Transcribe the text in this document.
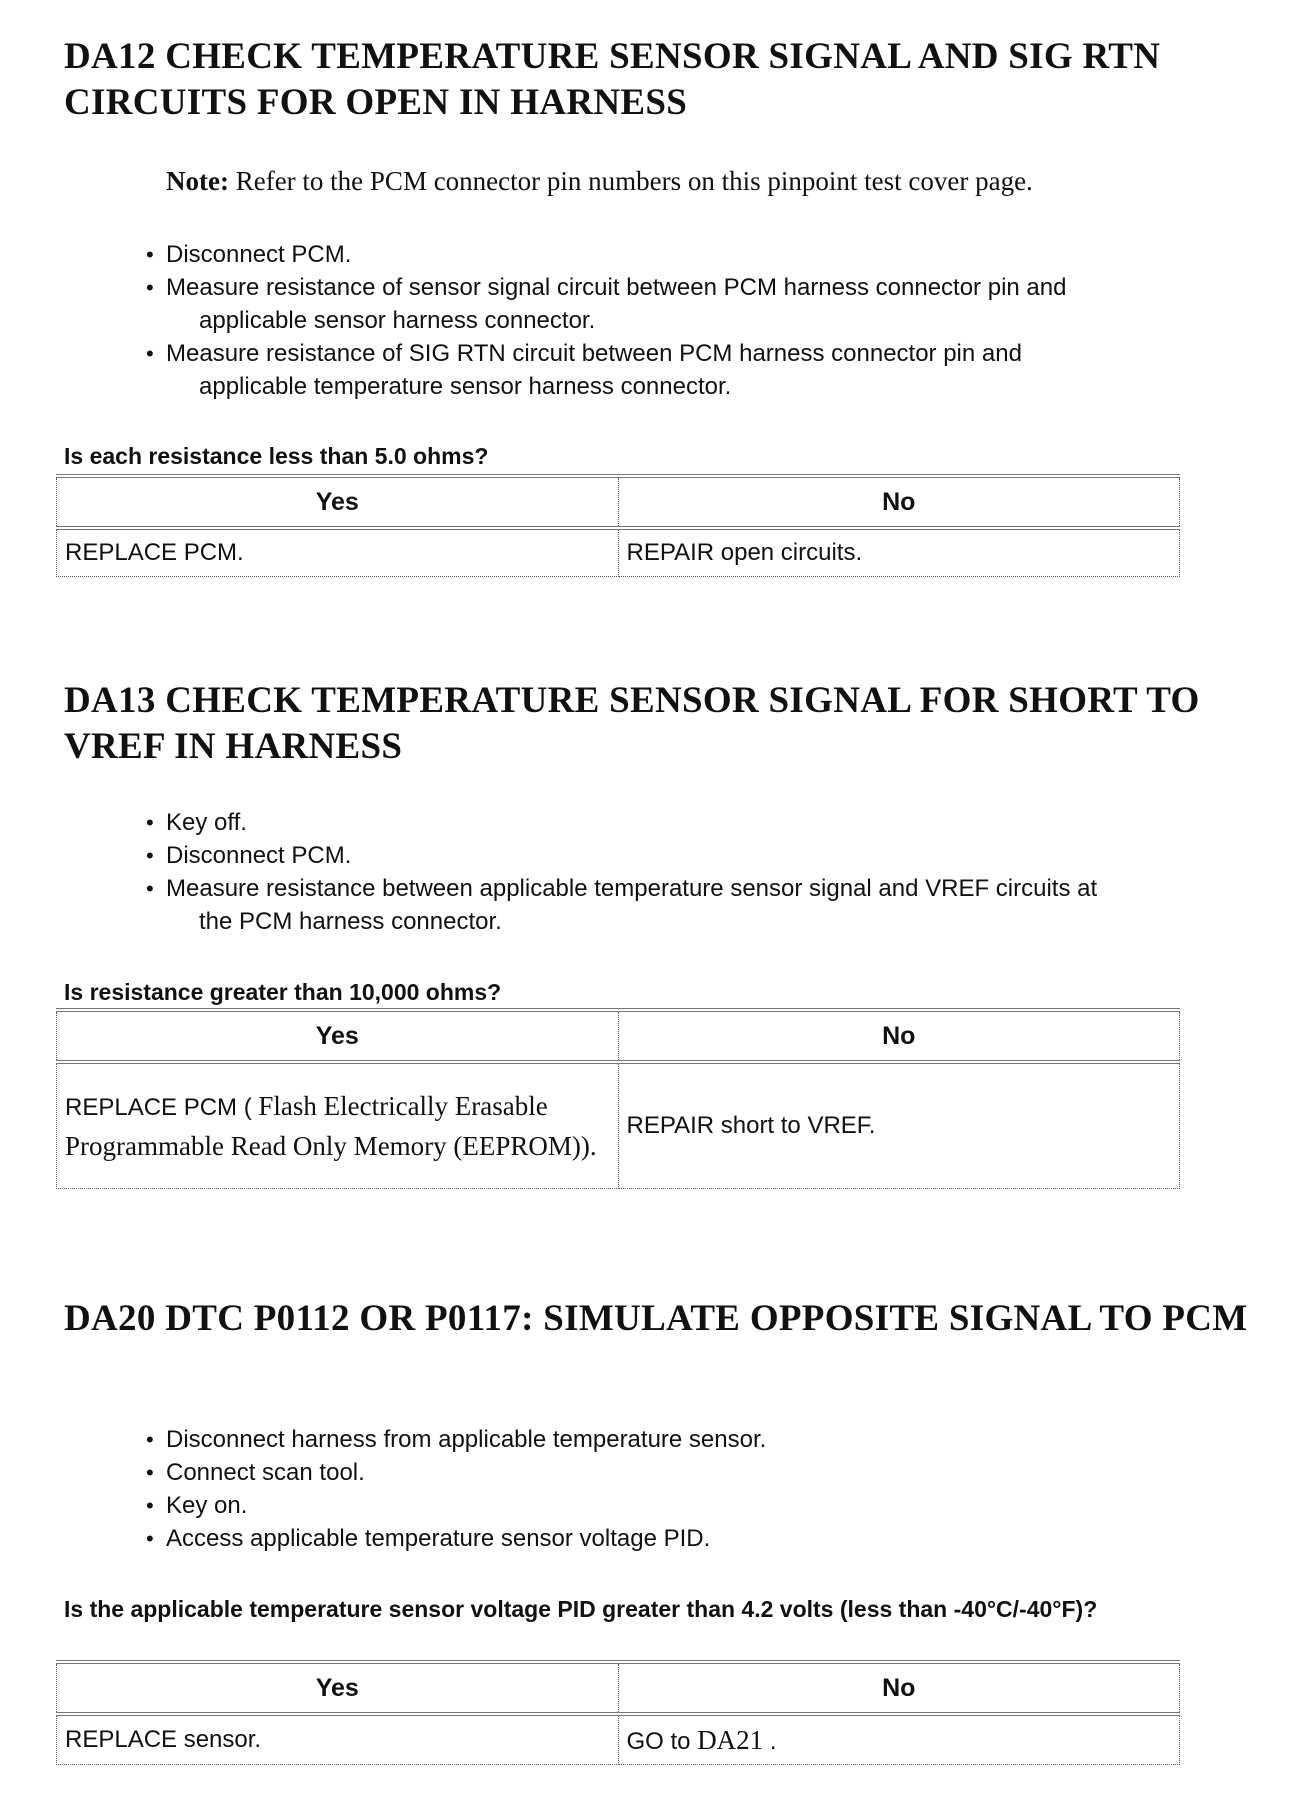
DA12 CHECK TEMPERATURE SENSOR SIGNAL AND SIG RTN CIRCUITS FOR OPEN IN HARNESS

Note: Refer to the PCM connector pin numbers on this pinpoint test cover page.

• Disconnect PCM.
• Measure resistance of sensor signal circuit between PCM harness connector pin and
applicable sensor harness connector.
• Measure resistance of SIG RTN circuit between PCM harness connector pin and
applicable temperature sensor harness connector.

Is each resistance less than 5.0 ohms?

Yes	No
REPLACE PCM.	REPAIR open circuits.
DA13 CHECK TEMPERATURE SENSOR SIGNAL FOR SHORT TO VREF IN HARNESS
• Key off.
• Disconnect PCM.
• Measure resistance between applicable temperature sensor signal and VREF circuits at
the PCM harness connector.

Is resistance greater than 10,000 ohms?

Yes	No
REPLACE PCM ( Flash Electrically Erasable Programmable Read Only Memory (EEPROM)).	REPAIR short to VREF.
DA20 DTC P0112 OR P0117: SIMULATE OPPOSITE SIGNAL TO PCM
• Disconnect harness from applicable temperature sensor.
• Connect scan tool.
• Key on.
• Access applicable temperature sensor voltage PID.

Is the applicable temperature sensor voltage PID greater than 4.2 volts (less than -40°C/-40°F)?

Yes	No
REPLACE sensor.	GO to DA21 .
